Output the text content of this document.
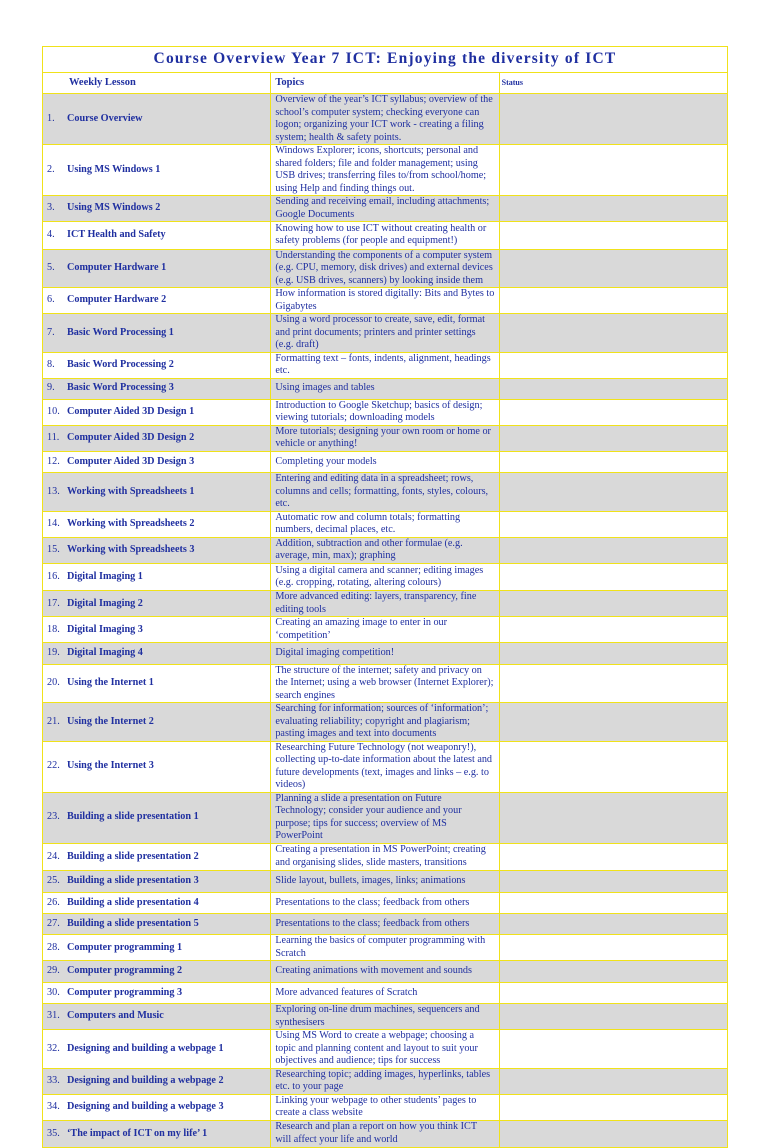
Course Overview Year 7 ICT: Enjoying the diversity of ICT		
Weekly Lesson	Topics	Status
1. Course Overview	Overview of the year’s ICT syllabus; overview of the school’s computer system; checking everyone can logon; organizing your ICT work - creating a filing system; health & safety points.	
2. Using MS Windows 1	Windows Explorer; icons, shortcuts; personal and shared folders; file and folder management; using USB drives; transferring files to/from school/home; using Help and finding things out.	
3. Using MS Windows 2	Sending and receiving email, including attachments; Google Documents	
4. ICT Health and Safety	Knowing how to use ICT without creating health or safety problems (for people and equipment!)	
5. Computer Hardware 1	Understanding the components of a computer system (e.g. CPU, memory, disk drives) and external devices (e.g. USB drives, scanners) by looking inside them	
6. Computer Hardware 2	How information is stored digitally: Bits and Bytes to Gigabytes	
7. Basic Word Processing 1	Using a word processor to create, save, edit, format and print documents; printers and printer settings (e.g. draft)	
8. Basic Word Processing 2	Formatting text – fonts, indents, alignment, headings etc.	
9. Basic Word Processing 3	Using images and tables	
10. Computer Aided 3D Design 1	Introduction to Google Sketchup; basics of design; viewing tutorials; downloading models	
11. Computer Aided 3D Design 2	More tutorials; designing your own room or home or vehicle or anything!	
12. Computer Aided 3D Design 3	Completing your models	
13. Working with Spreadsheets 1	Entering and editing data in a spreadsheet; rows, columns and cells; formatting, fonts, styles, colours, etc.	
14. Working with Spreadsheets 2	Automatic row and column totals; formatting numbers, decimal places, etc.	
15. Working with Spreadsheets 3	Addition, subtraction and other formulae (e.g. average, min, max); graphing	
16. Digital Imaging 1	Using a digital camera and scanner; editing images (e.g. cropping, rotating, altering colours)	
17. Digital Imaging 2	More advanced editing: layers, transparency, fine editing tools	
18. Digital Imaging 3	Creating an amazing image to enter in our ‘competition’	
19. Digital Imaging 4	Digital imaging competition!	
20. Using the Internet 1	The structure of the internet; safety and privacy on the Internet; using a web browser (Internet Explorer); search engines	
21. Using the Internet 2	Searching for information; sources of ‘information’; evaluating reliability; copyright and plagiarism; pasting images and text into documents	
22. Using the Internet 3	Researching Future Technology (not weaponry!), collecting up-to-date information about the latest and future developments (text, images and links – e.g. to videos)	
23. Building a slide presentation 1	Planning a slide a presentation on Future Technology; consider your audience and your purpose; tips for success; overview of MS PowerPoint	
24. Building a slide presentation 2	Creating a presentation in MS PowerPoint; creating and organising slides, slide masters, transitions	
25. Building a slide presentation 3	Slide layout, bullets, images, links; animations	
26. Building a slide presentation 4	Presentations to the class; feedback from others	
27. Building a slide presentation 5	Presentations to the class; feedback from others	
28. Computer programming 1	Learning the basics of computer programming with Scratch	
29. Computer programming 2	Creating animations with movement and sounds	
30. Computer programming 3	More advanced features of Scratch	
31. Computers and Music	Exploring on-line drum machines, sequencers and synthesisers	
32. Designing and building a webpage 1	Using MS Word to create a webpage; choosing a topic and planning content and layout to suit your objectives and audience; tips for success	
33. Designing and building a webpage 2	Researching topic; adding images, hyperlinks, tables etc. to your page	
34. Designing and building a webpage 3	Linking your webpage to other students’ pages to create a class website	
35. ‘The impact of ICT on my life’ 1	Research and plan a report on how you think ICT will affect your life and world	
